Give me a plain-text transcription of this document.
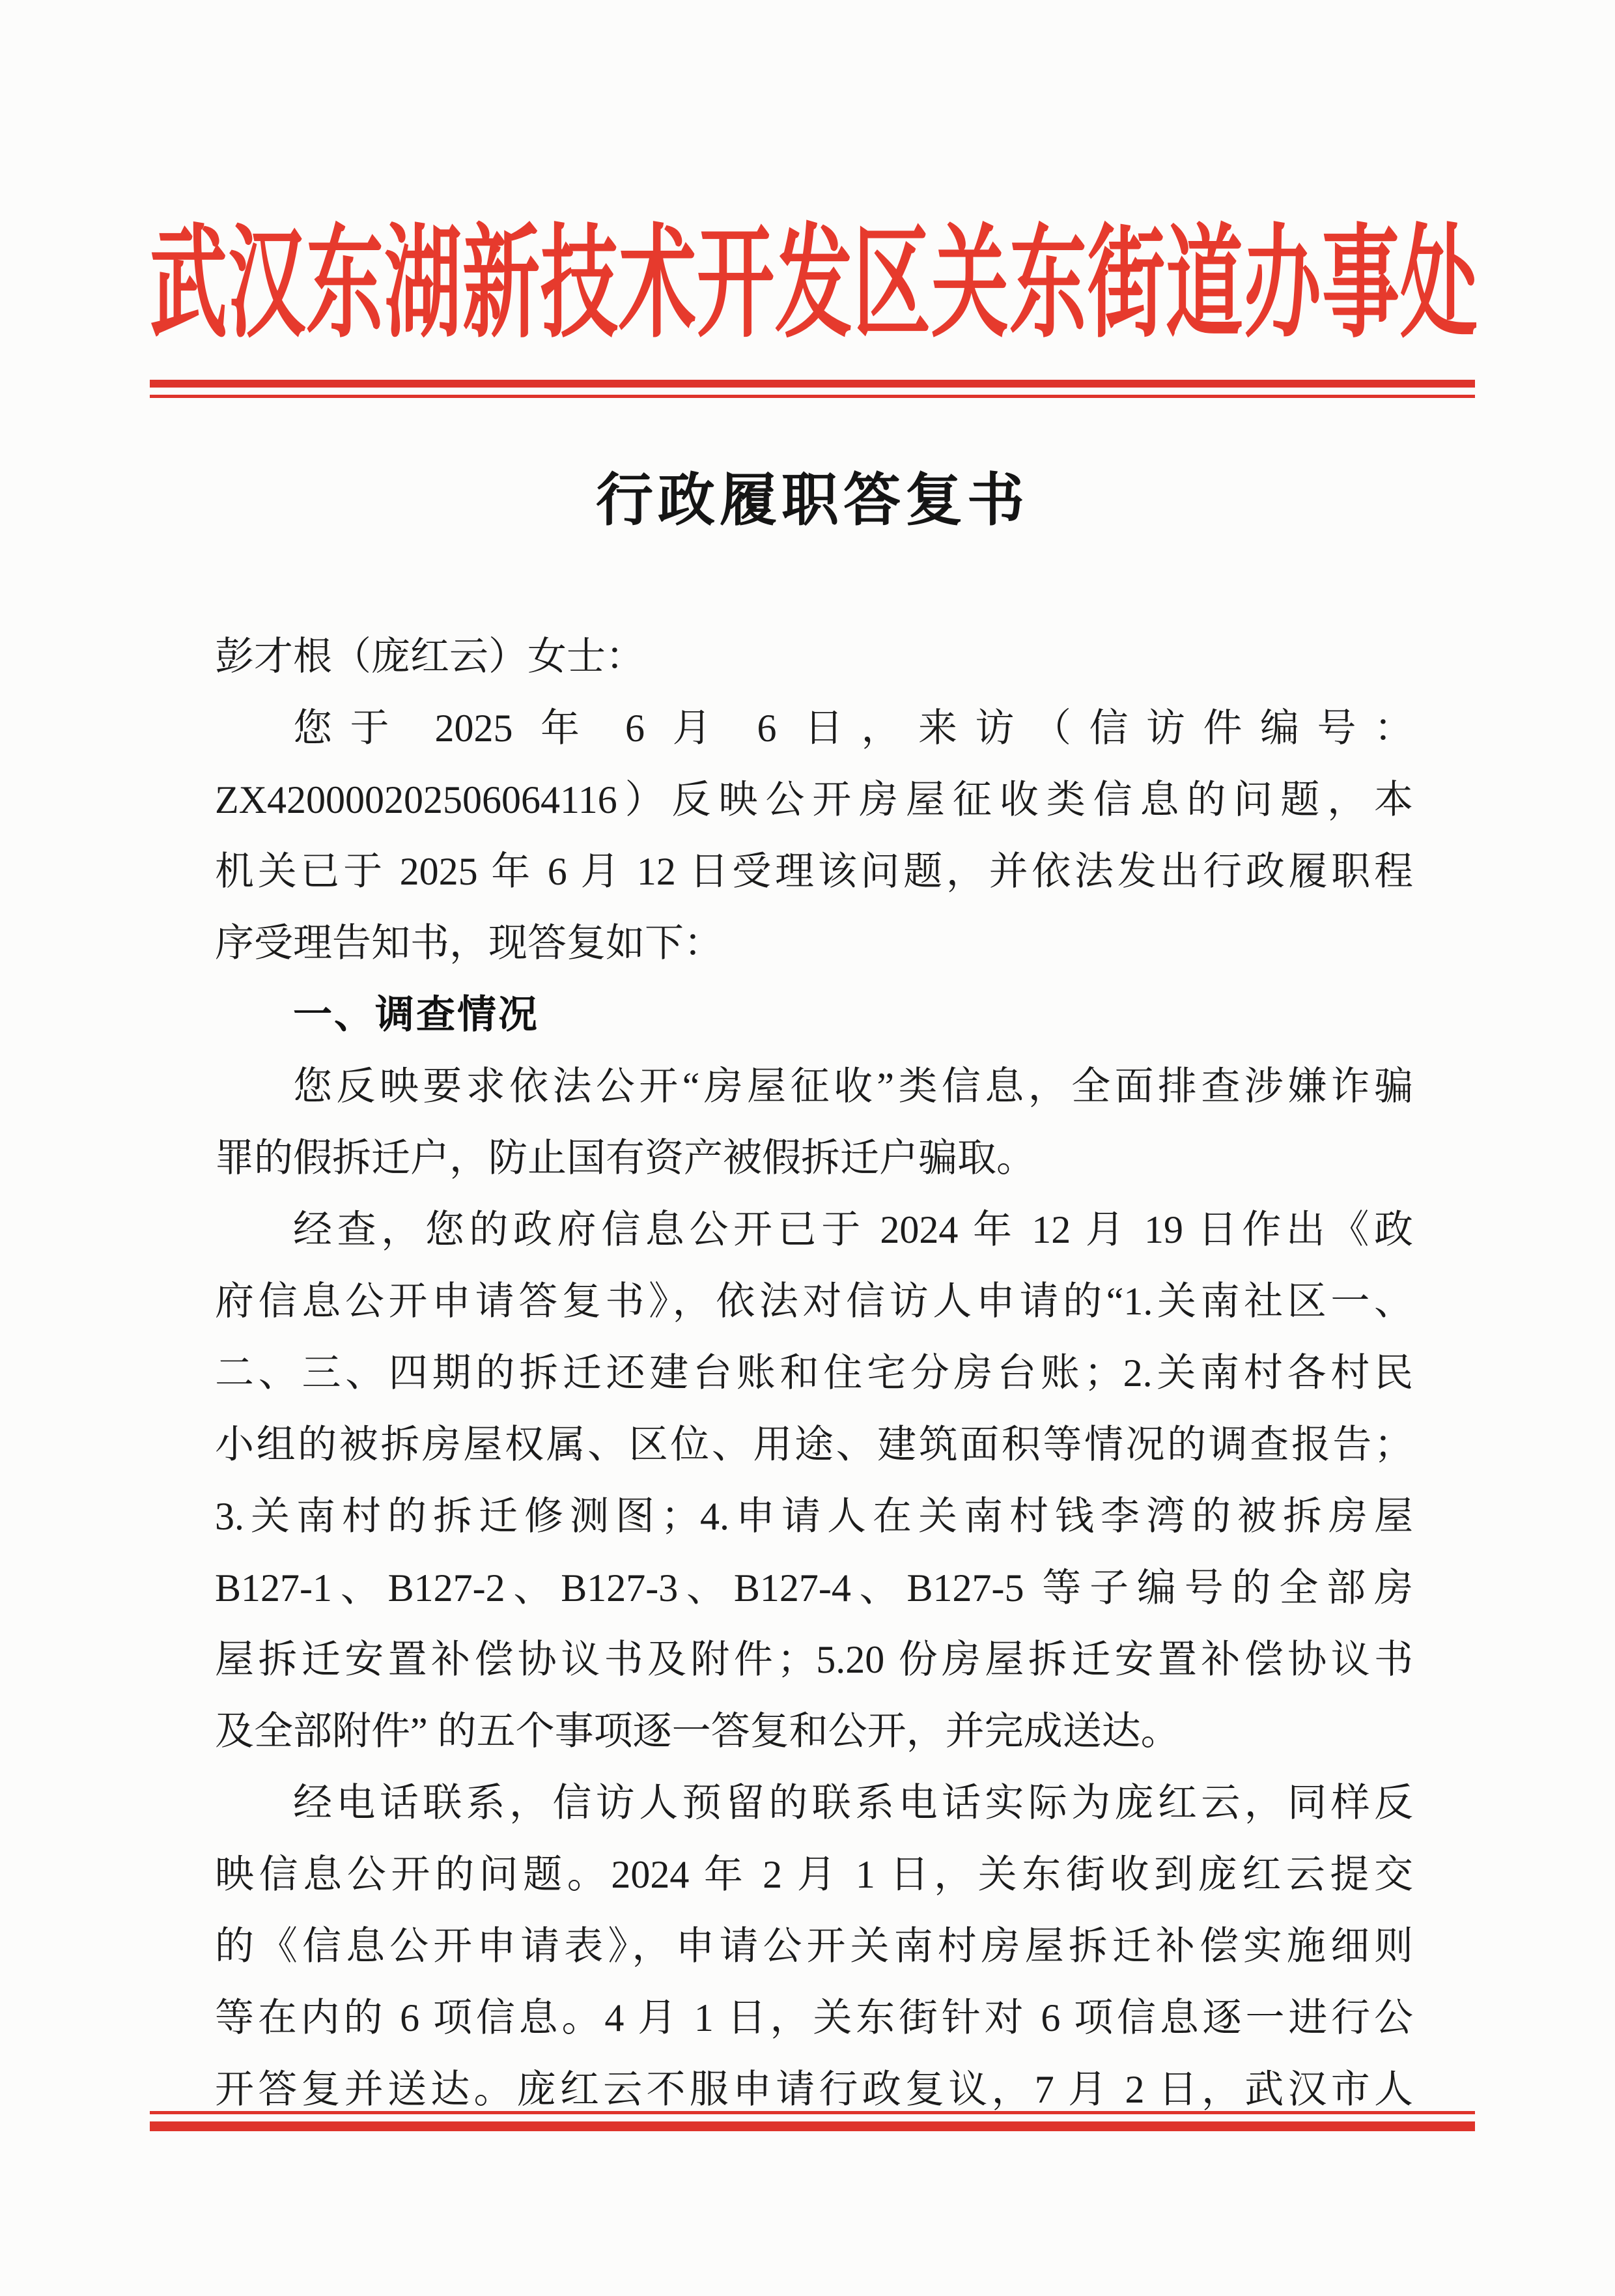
武汉东湖新技术开发区关东街道办事处
行政履职答复书
彭才根（庞红云）女士：
您于 2025 年 6 月 6 日，来访（信访件编号：
ZX420000202506064116）反映公开房屋征收类信息的问题，本
机关已于 2025 年 6 月 12 日受理该问题，并依法发出行政履职程
序受理告知书，现答复如下：
一、调查情况
您反映要求依法公开“房屋征收”类信息，全面排查涉嫌诈骗
罪的假拆迁户，防止国有资产被假拆迁户骗取。
经查，您的政府信息公开已于 2024 年 12 月 19 日作出《政
府信息公开申请答复书》，依法对信访人申请的“1.关南社区一、
二、三、四期的拆迁还建台账和住宅分房台账；2.关南村各村民
小组的被拆房屋权属、区位、用途、建筑面积等情况的调查报告；
3.关南村的拆迁修测图；4.申请人在关南村钱李湾的被拆房屋
B127-1、B127-2、B127-3、B127-4、B127-5 等子编号的全部房
屋拆迁安置补偿协议书及附件；5.20 份房屋拆迁安置补偿协议书
及全部附件” 的五个事项逐一答复和公开，并完成送达。
经电话联系，信访人预留的联系电话实际为庞红云，同样反
映信息公开的问题。2024 年 2 月 1 日，关东街收到庞红云提交
的《信息公开申请表》，申请公开关南村房屋拆迁补偿实施细则
等在内的 6 项信息。4 月 1 日，关东街针对 6 项信息逐一进行公
开答复并送达。庞红云不服申请行政复议，7 月 2 日，武汉市人
